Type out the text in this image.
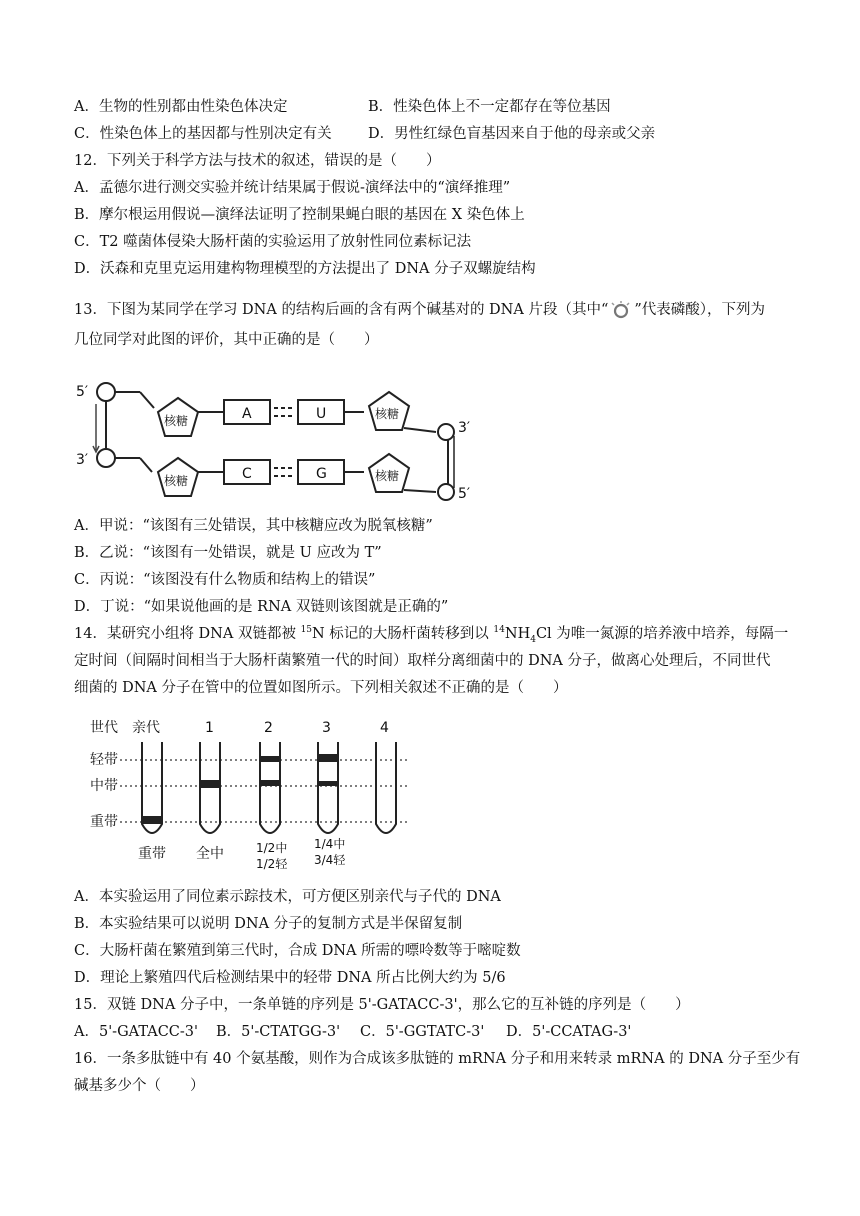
A．生物的性别都由性染色体决定	B．性染色体上不一定都存在等位基因
C．性染色体上的基因都与性别决定有关	D．男性红绿色盲基因来自于他的母亲或父亲
12．下列关于科学方法与技术的叙述，错误的是（　　）
A．孟德尔进行测交实验并统计结果属于假说-演绎法中的“演绎推理”
B．摩尔根运用假说—演绎法证明了控制果蝇白眼的基因在 X 染色体上
C．T2 噬菌体侵染大肠杆菌的实验运用了放射性同位素标记法
D．沃森和克里克运用建构物理模型的方法提出了 DNA 分子双螺旋结构
13．下图为某同学在学习 DNA 的结构后画的含有两个碱基对的 DNA 片段（其中“ ”代表磷酸），下列为
几位同学对此图的评价，其中正确的是（　　）
5′
3′
核糖
核糖
A	U
C	G
核糖
核糖
3′
5′
A．甲说：“该图有三处错误，其中核糖应改为脱氧核糖”
B．乙说：“该图有一处错误，就是 U 应改为 T”
C．丙说：“该图没有什么物质和结构上的错误”
D．丁说：“如果说他画的是 RNA 双链则该图就是正确的”
14．某研究小组将 DNA 双链都被 $^{15}$N 标记的大肠杆菌转移到以 $^{14}NH_4Cl$ 为唯一氮源的培养液中培养，每隔一
定时间（间隔时间相当于大肠杆菌繁殖一代的时间）取样分离细菌中的 DNA 分子，做离心处理后，不同世代
细菌的 DNA 分子在管中的位置如图所示。下列相关叙述不正确的是（　　）
世代 亲代	1	2	3	4
轻带
中带
重带
重带 全中	1/2中
1/2轻
1/4中
3/4轻
A．本实验运用了同位素示踪技术，可方便区别亲代与子代的 DNA
B．本实验结果可以说明 DNA 分子的复制方式是半保留复制
C．大肠杆菌在繁殖到第三代时，合成 DNA 所需的嘌呤数等于嘧啶数
D．理论上繁殖四代后检测结果中的轻带 DNA 所占比例大约为 5/6
15．双链 DNA 分子中，一条单链的序列是 5'-GATACC-3'，那么它的互补链的序列是（　　）
A．5'-GATACC-3' B．5'-CTATGG-3' C．5'-GGTATC-3' D．5'-CCATAG-3'
16．一条多肽链中有 40 个氨基酸，则作为合成该多肽链的 mRNA 分子和用来转录 mRNA 的 DNA 分子至少有
碱基多少个（　　）
